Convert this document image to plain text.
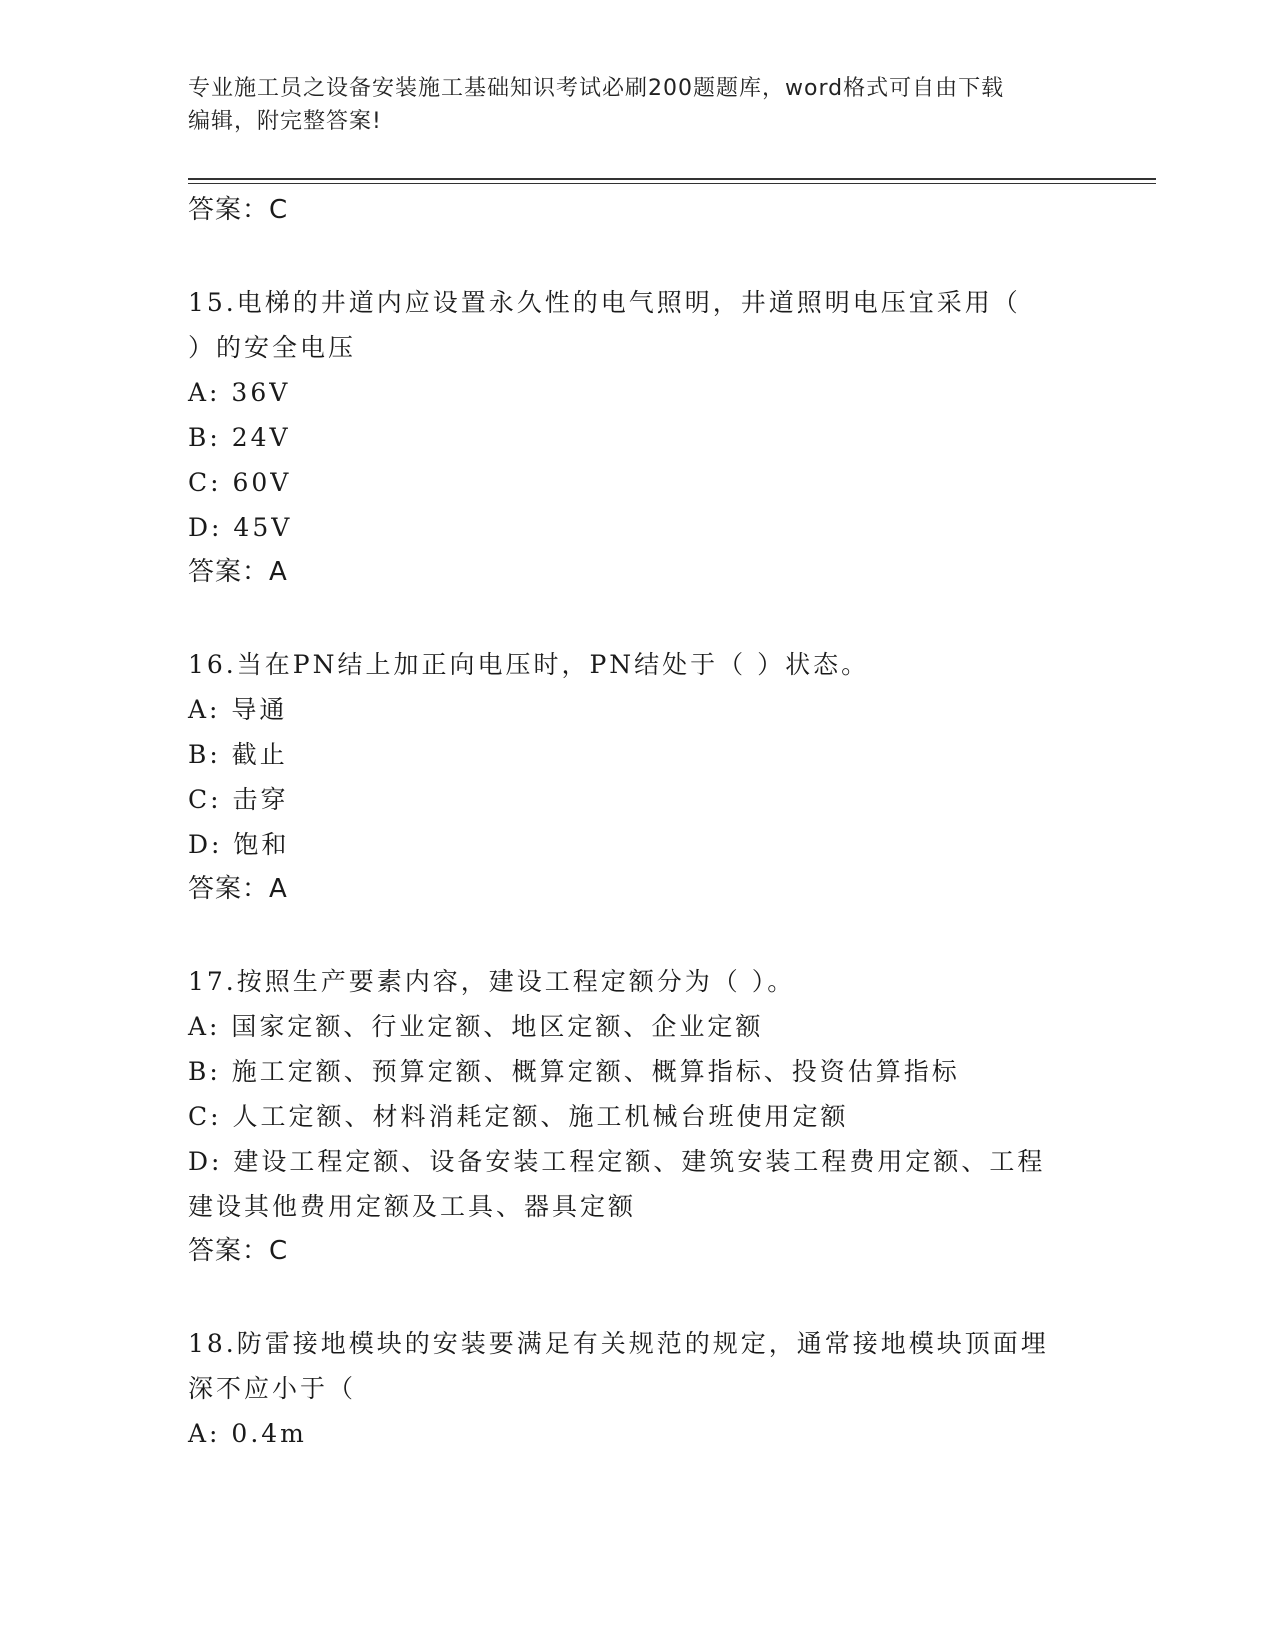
专业施工员之设备安装施工基础知识考试必刷200题题库，word格式可自由下载
编辑，附完整答案!
答案：C
15.电梯的井道内应设置永久性的电气照明，井道照明电压宜采用（
）的安全电压
A: 36V
B: 24V
C: 60V
D: 45V
答案：A
16.当在PN结上加正向电压时，PN结处于（ ）状态。
A: 导通
B: 截止
C: 击穿
D: 饱和
答案：A
17.按照生产要素内容，建设工程定额分为（ ）。
A: 国家定额、行业定额、地区定额、企业定额
B: 施工定额、预算定额、概算定额、概算指标、投资估算指标
C: 人工定额、材料消耗定额、施工机械台班使用定额
D: 建设工程定额、设备安装工程定额、建筑安装工程费用定额、工程
建设其他费用定额及工具、器具定额
答案：C
18.防雷接地模块的安装要满足有关规范的规定，通常接地模块顶面埋
深不应小于（
A: 0.4m
